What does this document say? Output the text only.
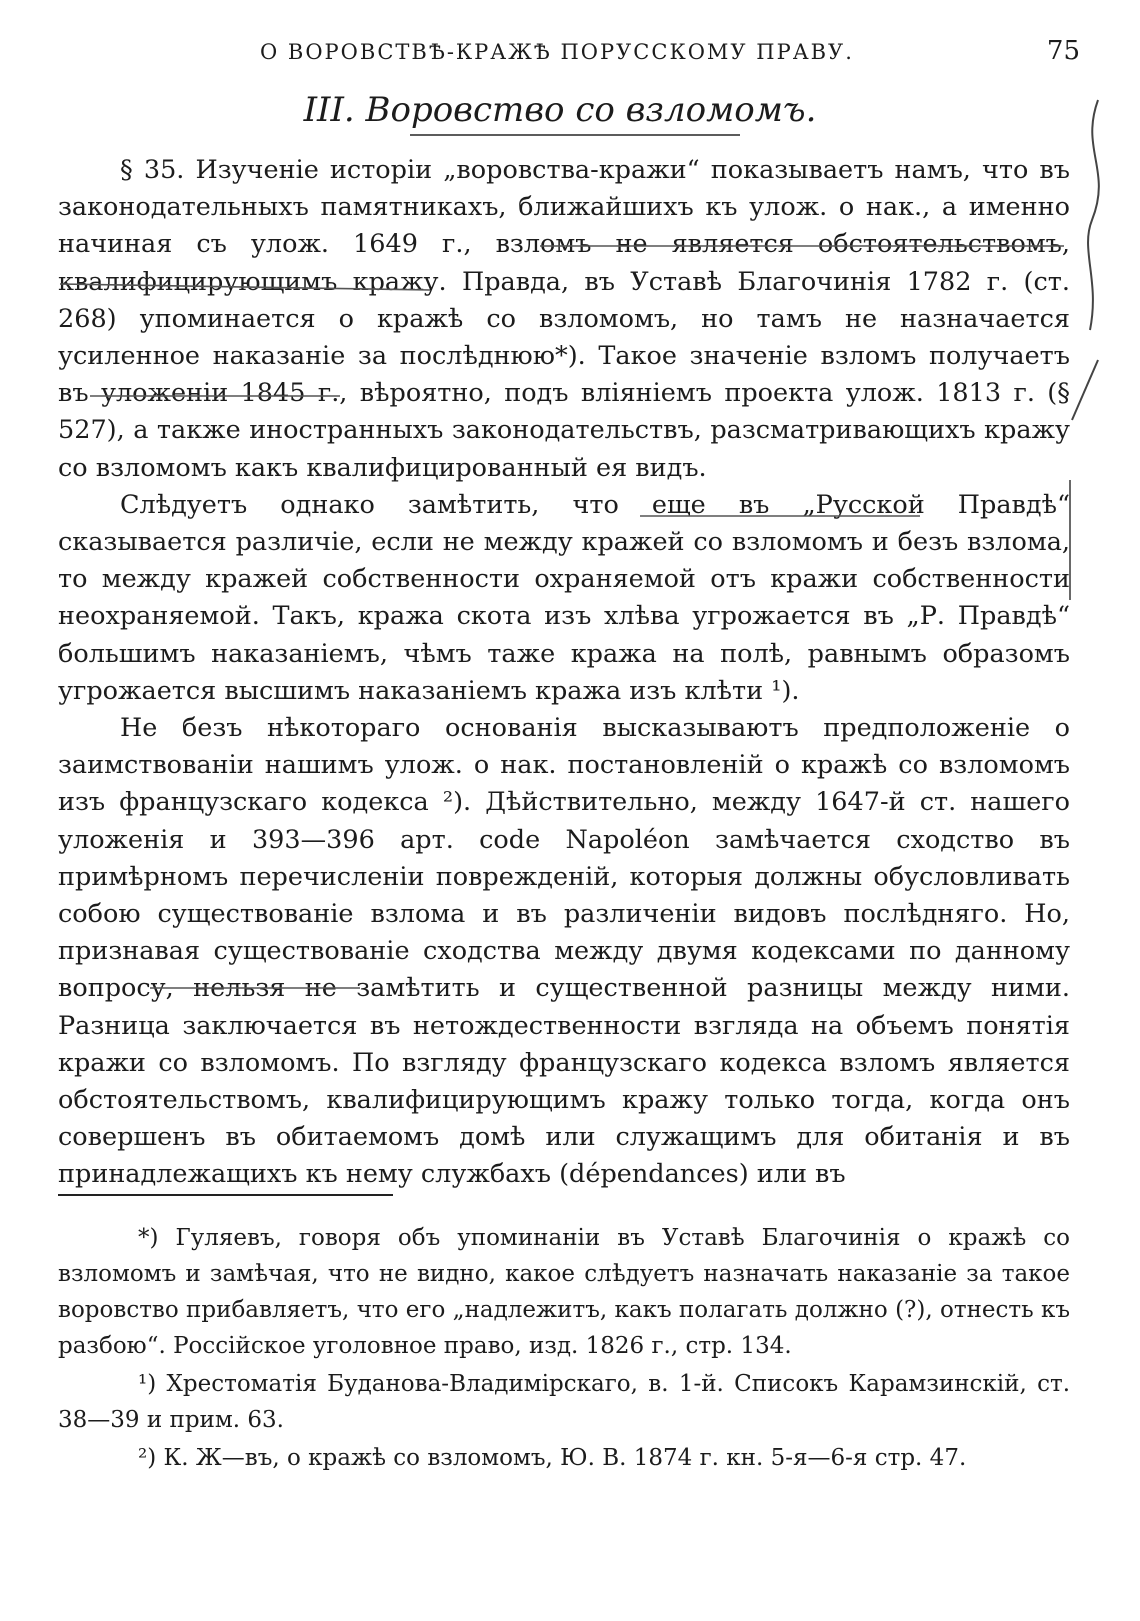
О ВОРОВСТВѢ-КРАЖѢ ПОРУССКОМУ ПРАВУ.	75
III. Воровство со взломомъ.

§ 35. Изученіе исторіи „воровства-кражи“ показываетъ намъ, что въ законодательныхъ памятникахъ, ближайшихъ къ улож. о нак., а именно начиная съ улож. 1649 г., взломъ не является обстоятельствомъ, квалифицирующимъ кражу. Правда, въ Уставѣ Благочинія 1782 г. (ст. 268) упоминается о кражѣ со взломомъ, но тамъ не назначается усиленное наказаніе за послѣднюю*). Такое значеніе взломъ получаетъ въ уложеніи 1845 г., вѣроятно, подъ вліяніемъ проекта улож. 1813 г. (§ 527), а также иностранныхъ законодательствъ, разсматривающихъ кражу со взломомъ какъ квалифицированный ея видъ.

Слѣдуетъ однако замѣтить, что еще въ „Русской Правдѣ“ сказывается различіе, если не между кражей со взломомъ и безъ взлома, то между кражей собственности охраняемой отъ кражи собственности неохраняемой. Такъ, кража скота изъ хлѣва угрожается въ „Р. Правдѣ“ большимъ наказаніемъ, чѣмъ таже кража на полѣ, равнымъ образомъ угрожается высшимъ наказаніемъ кража изъ клѣти ¹).

Не безъ нѣкотораго основанія высказываютъ предположеніе о заимствованіи нашимъ улож. о нак. постановленій о кражѣ со взломомъ изъ французскаго кодекса ²). Дѣйствительно, между 1647-й ст. нашего уложенія и 393—396 арт. code Napoléon замѣчается сходство въ примѣрномъ перечисленіи поврежденій, которыя должны обусловливать собою существованіе взлома и въ различеніи видовъ послѣдняго. Но, признавая существованіе сходства между двумя кодексами по данному вопросу, нельзя не замѣтить и существенной разницы между ними. Разница заключается въ нетождественности взгляда на объемъ понятія кражи со взломомъ. По взгляду французскаго кодекса взломъ является обстоятельствомъ, квалифицирующимъ кражу только тогда, когда онъ совершенъ въ обитаемомъ домѣ или служащимъ для обитанія и въ принадлежащихъ къ нему службахъ (dépendances) или въ

*) Гуляевъ, говоря объ упоминаніи въ Уставѣ Благочинія о кражѣ со взломомъ и замѣчая, что не видно, какое слѣдуетъ назначать наказаніе за такое воровство прибавляетъ, что его „надлежитъ, какъ полагать должно (?), отнесть къ разбою“. Россійское уголовное право, изд. 1826 г., стр. 134.

¹) Хрестоматія Буданова-Владимірскаго, в. 1-й. Списокъ Карамзинскій, ст. 38—39 и прим. 63.

²) К. Ж—въ, о кражѣ со взломомъ, Ю. В. 1874 г. кн. 5-я—6-я стр. 47.
